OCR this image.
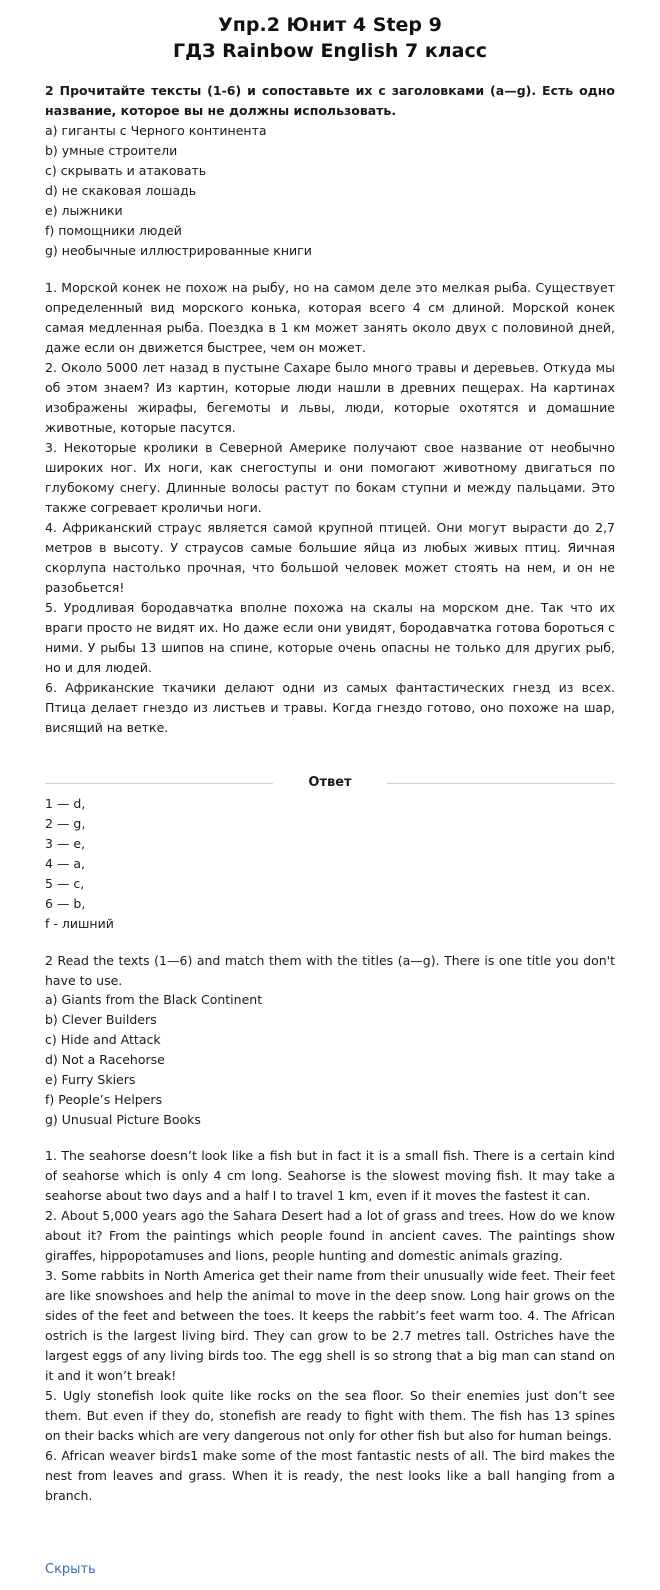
Упр.2 Юнит 4 Step 9
ГДЗ Rainbow English 7 класс
2 Прочитайте тексты (1-6) и сопоставьте их с заголовками (a—g). Есть одно название, которое вы не должны использовать.
a) гиганты с Черного континента
b) умные строители
c) скрывать и атаковать
d) не скаковая лошадь
e) лыжники
f) помощники людей
g) необычные иллюстрированные книги

1. Морской конек не похож на рыбу, но на самом деле это мелкая рыба. Существует определенный вид морского конька, которая всего 4 см длиной. Морской конек самая медленная рыба. Поездка в 1 км может занять около двух с половиной дней, даже если он движется быстрее, чем он может.

2. Около 5000 лет назад в пустыне Сахаре было много травы и деревьев. Откуда мы об этом знаем? Из картин, которые люди нашли в древних пещерах. На картинах изображены жирафы, бегемоты и львы, люди, которые охотятся и домашние животные, которые пасутся.

3. Некоторые кролики в Северной Америке получают свое название от необычно широких ног. Их ноги, как снегоступы и они помогают животному двигаться по глубокому снегу. Длинные волосы растут по бокам ступни и между пальцами. Это также согревает кроличьи ноги.

4. Африканский страус является самой крупной птицей. Они могут вырасти до 2,7 метров в высоту. У страусов самые большие яйца из любых живых птиц. Яичная скорлупа настолько прочная, что большой человек может стоять на нем, и он не разобьется!

5. Уродливая бородавчатка вполне похожа на скалы на морском дне. Так что их враги просто не видят их. Но даже если они увидят, бородавчатка готова бороться с ними. У рыбы 13 шипов на спине, которые очень опасны не только для других рыб, но и для людей.

6. Африканские ткачики делают одни из самых фантастических гнезд из всех. Птица делает гнездо из листьев и травы. Когда гнездо готово, оно похоже на шар, висящий на ветке.

Ответ
1 — d,
2 — g,
3 — e,
4 — a,
5 — c,
6 — b,
f - лишний
2 Read the texts (1—6) and match them with the titles (a—g). There is one title you don't have to use.
a) Giants from the Black Continent
b) Clever Builders
c) Hide and Attack
d) Not a Racehorse
e) Furry Skiers
f) People’s Helpers
g) Unusual Picture Books

1. The seahorse doesn’t look like a fish but in fact it is a small fish. There is a certain kind of seahorse which is only 4 cm long. Seahorse is the slowest moving fish. It may take a seahorse about two days and a half I to travel 1 km, even if it moves the fastest it can.

2. About 5,000 years ago the Sahara Desert had a lot of grass and trees. How do we know about it? From the paintings which people found in ancient caves. The paintings show giraffes, hippopotamuses and lions, people hunting and domestic animals grazing.

3. Some rabbits in North America get their name from their unusually wide feet. Their feet are like snowshoes and help the animal to move in the deep snow. Long hair grows on the sides of the feet and between the toes. It keeps the rabbit’s feet warm too. 4. The African ostrich is the largest living bird. They can grow to be 2.7 metres tall. Ostriches have the largest eggs of any living birds too. The egg shell is so strong that a big man can stand on it and it won’t break!

5. Ugly stonefish look quite like rocks on the sea floor. So their enemies just don’t see them. But even if they do, stonefish are ready to fight with them. The fish has 13 spines on their backs which are very dangerous not only for other fish but also for human beings.

6. African weaver birds1 make some of the most fantastic nests of all. The bird makes the nest from leaves and grass. When it is ready, the nest looks like a ball hanging from a branch.

Скрыть
